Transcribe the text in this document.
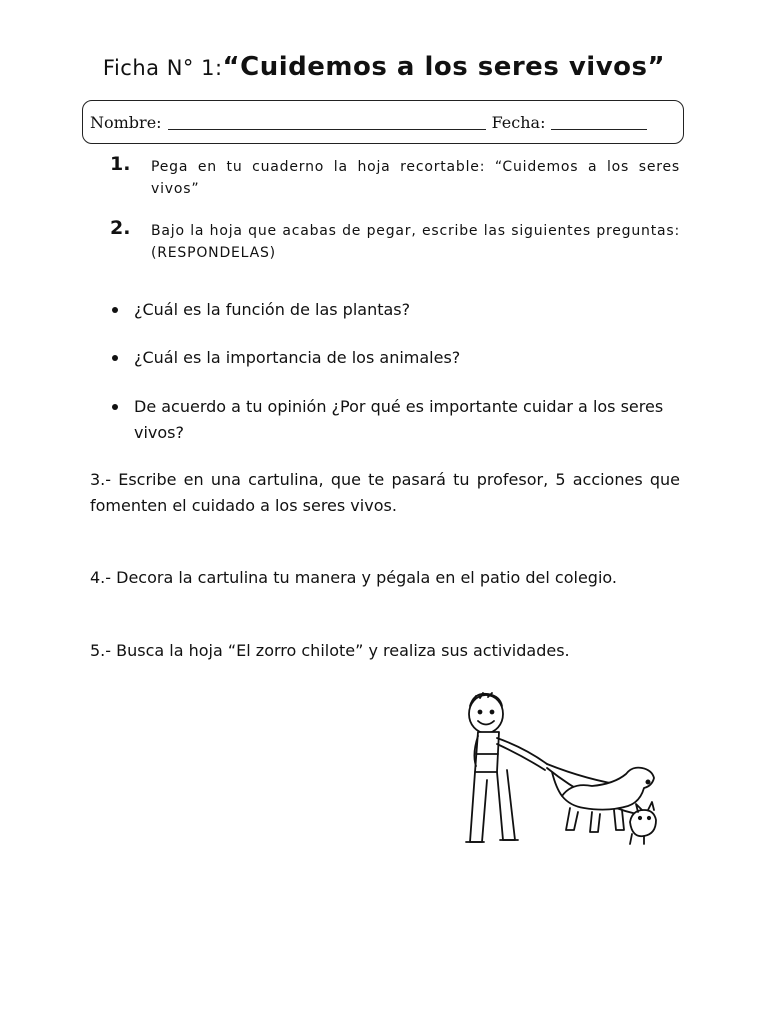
Ficha N° 1:“Cuidemos a los seres vivos”
Nombre:	Fecha:
1. Pega en tu cuaderno la hoja recortable: “Cuidemos a los seres vivos”
2. Bajo la hoja que acabas de pegar, escribe las siguientes preguntas: (RESPONDELAS)
¿Cuál es la función de las plantas?
¿Cuál es la importancia de los animales?
De acuerdo a tu opinión ¿Por qué es importante cuidar a los seres vivos?
3.- Escribe en una cartulina, que te pasará tu profesor, 5 acciones que fomenten el cuidado a los seres vivos.
4.- Decora la cartulina tu manera y pégala en el patio del colegio.
5.- Busca la hoja “El zorro chilote” y realiza sus actividades.
